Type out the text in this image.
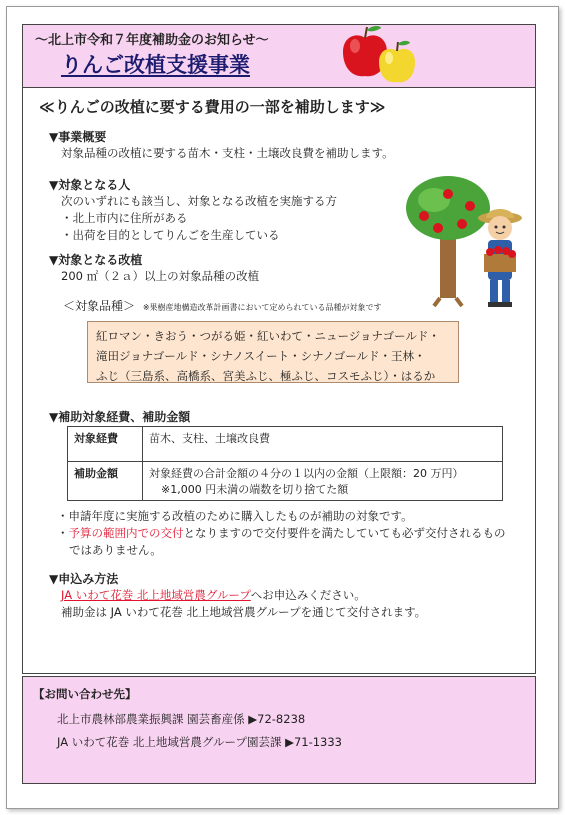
～北上市令和７年度補助金のお知らせ～
りんご改植支援事業
≪りんごの改植に要する費用の一部を補助します≫
▼事業概要
対象品種の改植に要する苗木・支柱・土壌改良費を補助します。
▼対象となる人
次のいずれにも該当し、対象となる改植を実施する方
・北上市内に住所がある
・出荷を目的としてりんごを生産している
▼対象となる改植
200 ㎡（２ａ）以上の対象品種の改植
＜対象品種＞ ※果樹産地構造改革計画書において定められている品種が対象です
紅ロマン・きおう・つがる姫・紅いわて・ニュージョナゴールド・
滝田ジョナゴールド・シナノスイート・シナノゴールド・王林・
ふじ（三島系、高橋系、宮美ふじ、極ふじ、コスモふじ）・はるか
▼補助対象経費、補助金額
対象経費	苗木、支柱、土壌改良費

補助金額	対象経費の合計金額の４分の１以内の金額（上限額：20 万円）
※1,000 円未満の端数を切り捨てた額
・申請年度に実施する改植のために購入したものが補助の対象です。
・予算の範囲内での交付となりますので交付要件を満たしていても必ず交付されるもの
ではありません。
▼申込み方法
JA いわて花巻 北上地域営農グループへお申込みください。
補助金は JA いわて花巻 北上地域営農グループを通じて交付されます。
【お問い合わせ先】
北上市農林部農業振興課 園芸畜産係 ▶72-8238
JA いわて花巻 北上地域営農グループ園芸課 ▶71-1333
